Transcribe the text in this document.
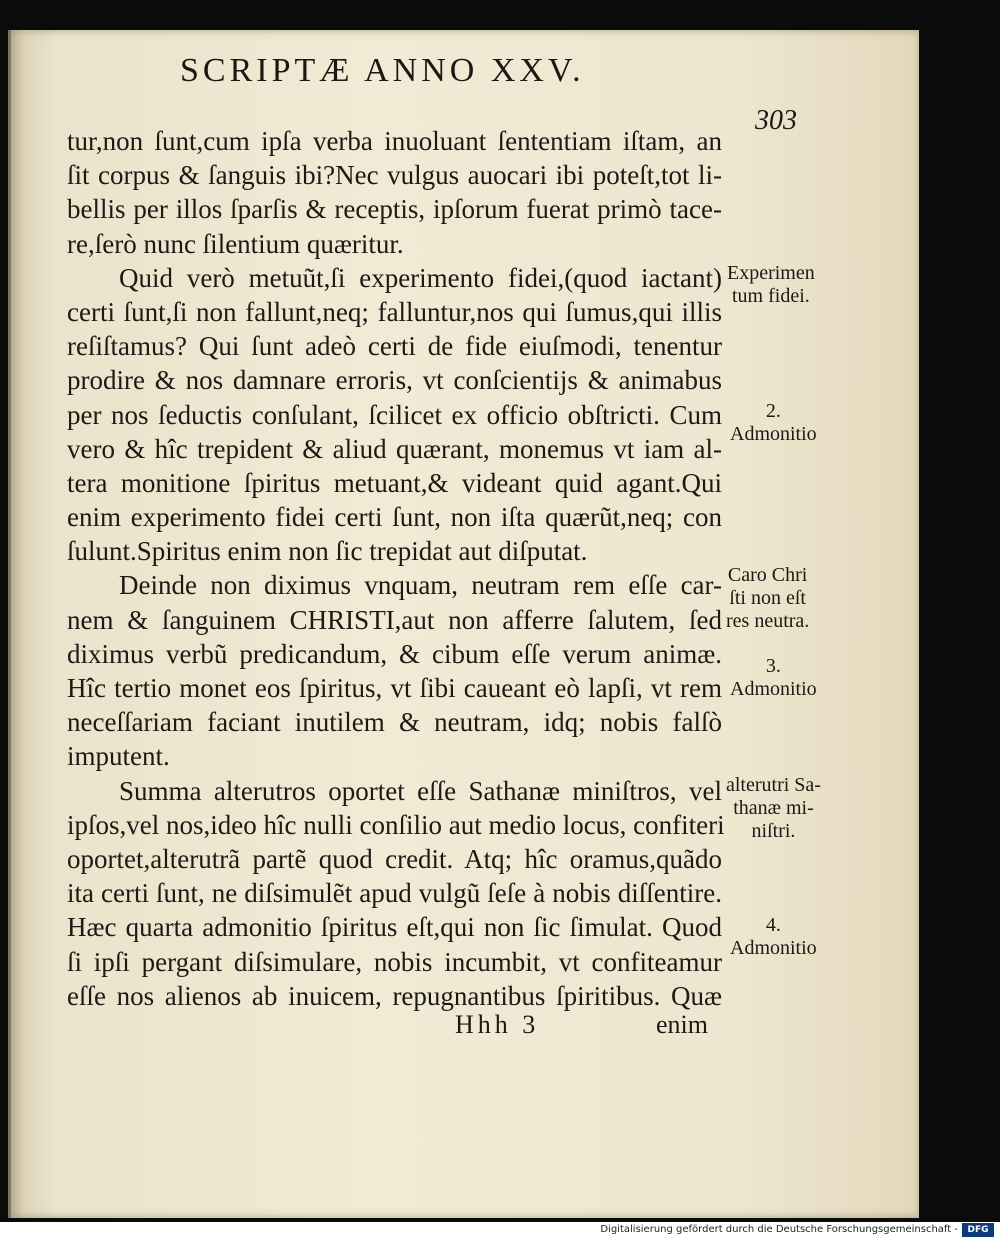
SCRIPTÆ ANNO XXV.
303
tur,non ſunt,cum ipſa verba inuoluant ſententiam iſtam, an
ſit corpus & ſanguis ibi?Nec vulgus auocari ibi poteſt,tot li-
bellis per illos ſparſis & receptis, ipſorum fuerat primò tace-
re,ſerò nunc ſilentium quæritur.
Quid verò metuũt,ſi experimento fidei,(quod iactant)
certi ſunt,ſi non fallunt,neq; falluntur,nos qui ſumus,qui illis
reſiſtamus? Qui ſunt adeò certi de fide eiuſmodi, tenentur
prodire & nos damnare erroris, vt conſcientijs & animabus
per nos ſeductis conſulant, ſcilicet ex officio obſtricti. Cum
vero & hîc trepident & aliud quærant, monemus vt iam al-
tera monitione ſpiritus metuant,& videant quid agant.Qui
enim experimento fidei certi ſunt, non iſta quærũt,neq; con
ſulunt.Spiritus enim non ſic trepidat aut diſputat.
Deinde non diximus vnquam, neutram rem eſſe car-
nem & ſanguinem CHRISTI,aut non afferre ſalutem, ſed
diximus verbũ predicandum, & cibum eſſe verum animæ.
Hîc tertio monet eos ſpiritus, vt ſibi caueant eò lapſi, vt rem
neceſſariam faciant inutilem & neutram, idq; nobis falſò
imputent.
Summa alterutros oportet eſſe Sathanæ miniſtros, vel
ipſos,vel nos,ideo hîc nulli conſilio aut medio locus, confiteri
oportet,alterutrã partẽ quod credit. Atq; hîc oramus,quãdo
ita certi ſunt, ne diſsimulẽt apud vulgũ ſeſe à nobis diſſentire.
Hæc quarta admonitio ſpiritus eſt,qui non ſic ſimulat. Quod
ſi ipſi pergant diſsimulare, nobis incumbit, vt confiteamur
eſſe nos alienos ab inuicem, repugnantibus ſpiritibus. Quæ
Experimen
tum fidei.
2.
Admonitio
Caro Chri
ſti non eſt
res neutra.
3.
Admonitio
alterutri Sa-
thanæ mi-
niſtri.
4.
Admonitio
Hhh 3	enim
Digitalisierung gefördert durch die Deutsche Forschungsgemeinschaft -	DFG
